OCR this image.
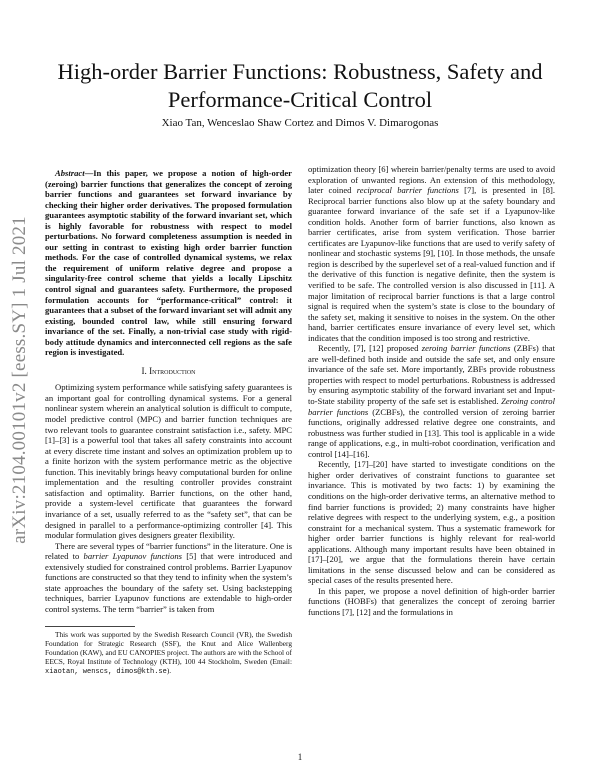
arXiv:2104.00101v2 [eess.SY] 1 Jul 2021
High-order Barrier Functions: Robustness, Safety and Performance-Critical Control
Xiao Tan, Wenceslao Shaw Cortez and Dimos V. Dimarogonas

Abstract—In this paper, we propose a notion of high-order (zeroing) barrier functions that generalizes the concept of zeroing barrier functions and guarantees set forward invariance by checking their higher order derivatives. The proposed formulation guarantees asymptotic stability of the forward invariant set, which is highly favorable for robustness with respect to model perturbations. No forward completeness assumption is needed in our setting in contrast to existing high order barrier function methods. For the case of controlled dynamical systems, we relax the requirement of uniform relative degree and propose a singularity-free control scheme that yields a locally Lipschitz control signal and guarantees safety. Furthermore, the proposed formulation accounts for “performance-critical” control: it guarantees that a subset of the forward invariant set will admit any existing, bounded control law, while still ensuring forward invariance of the set. Finally, a non-trivial case study with rigid-body attitude dynamics and interconnected cell regions as the safe region is investigated.

I. Introduction

Optimizing system performance while satisfying safety guarantees is an important goal for controlling dynamical systems. For a general nonlinear system wherein an analytical solution is difficult to compute, model predictive control (MPC) and barrier function techniques are two relevant tools to guarantee constraint satisfaction i.e., safety. MPC [1]–[3] is a powerful tool that takes all safety constraints into account at every discrete time instant and solves an optimization problem up to a finite horizon with the system performance metric as the objective function. This inevitably brings heavy computational burden for online implementation and the resulting controller provides constraint satisfaction and optimality. Barrier functions, on the other hand, provide a system-level certificate that guarantees the forward invariance of a set, usually referred to as the “safety set”, that can be designed in parallel to a performance-optimizing controller [4]. This modular formulation gives designers greater flexibility.

There are several types of “barrier functions” in the literature. One is related to barrier Lyapunov functions [5] that were introduced and extensively studied for constrained control problems. Barrier Lyapunov functions are constructed so that they tend to infinity when the system’s state approaches the boundary of the safety set. Using backstepping techniques, barrier Lyapunov functions are extendable to high-order control systems. The term “barrier” is taken from

This work was supported by the Swedish Research Council (VR), the Swedish Foundation for Strategic Research (SSF), the Knut and Alice Wallenberg Foundation (KAW), and EU CANOPIES project. The authors are with the School of EECS, Royal Institute of Technology (KTH), 100 44 Stockholm, Sweden (Email: xiaotan, wenscs, dimos@kth.se).

optimization theory [6] wherein barrier/penalty terms are used to avoid exploration of unwanted regions. An extension of this methodology, later coined reciprocal barrier functions [7], is presented in [8]. Reciprocal barrier functions also blow up at the safety boundary and guarantee forward invariance of the safe set if a Lyapunov-like condition holds. Another form of barrier functions, also known as barrier certificates, arise from system verification. Those barrier certificates are Lyapunov-like functions that are used to verify safety of nonlinear and stochastic systems [9], [10]. In those methods, the unsafe region is described by the superlevel set of a real-valued function and if the derivative of this function is negative definite, then the system is verified to be safe. The controlled version is also discussed in [11]. A major limitation of reciprocal barrier functions is that a large control signal is required when the system’s state is close to the boundary of the safety set, making it sensitive to noises in the system. On the other hand, barrier certificates ensure invariance of every level set, which indicates that the condition imposed is too strong and restrictive.

Recently, [7], [12] proposed zeroing barrier functions (ZBFs) that are well-defined both inside and outside the safe set, and only ensure invariance of the safe set. More importantly, ZBFs provide robustness properties with respect to model perturbations. Robustness is addressed by ensuring asymptotic stability of the forward invariant set and Input-to-State stability property of the safe set is established. Zeroing control barrier functions (ZCBFs), the controlled version of zeroing barrier functions, originally addressed relative degree one constraints, and robustness was further studied in [13]. This tool is applicable in a wide range of applications, e.g., in multi-robot coordination, verification and control [14]–[16].

Recently, [17]–[20] have started to investigate conditions on the higher order derivatives of constraint functions to guarantee set invariance. This is motivated by two facts: 1) by examining the conditions on the high-order derivative terms, an alternative method to find barrier functions is provided; 2) many constraints have higher relative degrees with respect to the underlying system, e.g., a position constraint for a mechanical system. Thus a systematic framework for higher order barrier functions is highly relevant for real-world applications. Although many important results have been obtained in [17]–[20], we argue that the formulations therein have certain limitations in the sense discussed below and can be considered as special cases of the results presented here.

In this paper, we propose a novel definition of high-order barrier functions (HOBFs) that generalizes the concept of zeroing barrier functions [7], [12] and the formulations in

1
